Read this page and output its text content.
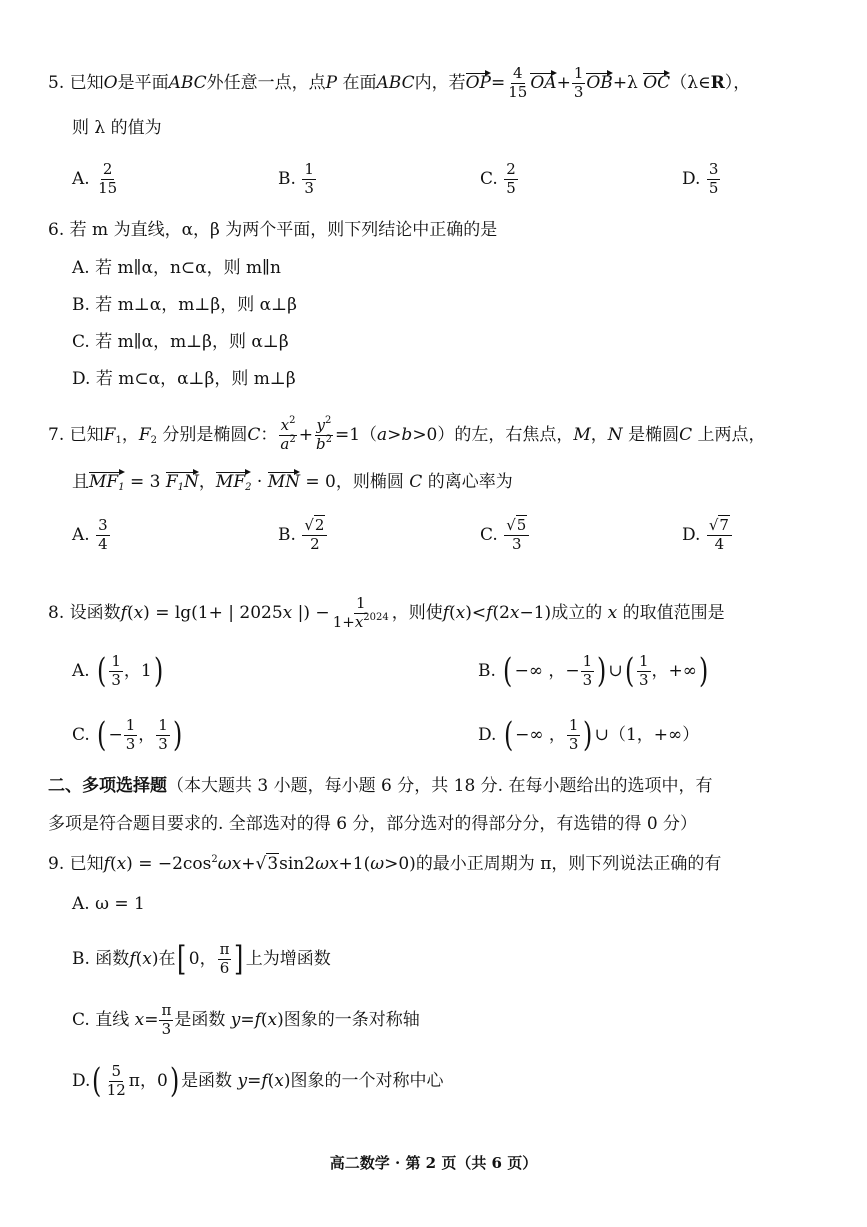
5. 已知O是平面ABC外任意一点，点P 在面ABC内，若$OP= \frac{4}{15} OA+ \frac{1}{3} OB+\lambda$ OC（λ∈R），
则 λ 的值为
A. $\frac{2}{15}$	B. $\frac{1}{3}$	C. $\frac{2}{5}$	D. $\frac{3}{5}$
6. 若 m 为直线，α，β 为两个平面，则下列结论中正确的是
A. 若 m∥α，n⊂α，则 m∥n
B. 若 m⊥α，m⊥β，则 α⊥β
C. 若 m∥α，m⊥β，则 α⊥β
D. 若 m⊂α，α⊥β，则 m⊥β
7. 已知$F_1$，$F_2$ 分别是椭圆C： $\frac{x^2}{a^2} + \frac{y^2}{b^2} =1(a>b>0)$的左，右焦点，M，N 是椭圆C 上两点，
且$MF_1 = 3$ $F_1N$，$MF_2$ · MN = 0，则椭圆 C 的离心率为
A. $\frac{3}{4}$	B. $\frac{√2}{2}$	C. $\frac{√5}{3}$	D. $\frac{√7}{4}$
8. 设函数f(x) = lg(1+ | 2025x |) − $\frac{1}{1+x^{2024}}$ ，则使f(x)<f(2x−1)成立的 x 的取值范围是
A. ( $\frac{1}{3}$ ，1)	B. ( −∞ ，− $\frac{1}{3}$ ) ∪( $\frac{1}{3}$ ，+∞)
C. ( − $\frac{1}{3}$ ， $\frac{1}{3}$ )	D. ( −∞ ， $\frac{1}{3}$ ) ∪（1，+∞）
二、多项选择题（本大题共 3 小题，每小题 6 分，共 18 分. 在每小题给出的选项中，有
多项是符合题目要求的. 全部选对的得 6 分，部分选对的得部分分，有选错的得 0 分）
9. 已知$f(x) = -2\cos^2\omega x+√3\sin 2\omega x+1(\omega>0)$的最小正周期为 π，则下列说法正确的有
A. ω = 1
B. 函数f(x)在[ 0， $\frac{\pi}{6}$ ] 上为增函数
C. 直线 $x= \frac{\pi}{3}$ 是函数 y=f(x)图象的一条对称轴
$D.( \frac{5}{12}$ π，0) 是函数 y=f(x)图象的一个对称中心
高二数学 · 第 2 页（共 6 页）
